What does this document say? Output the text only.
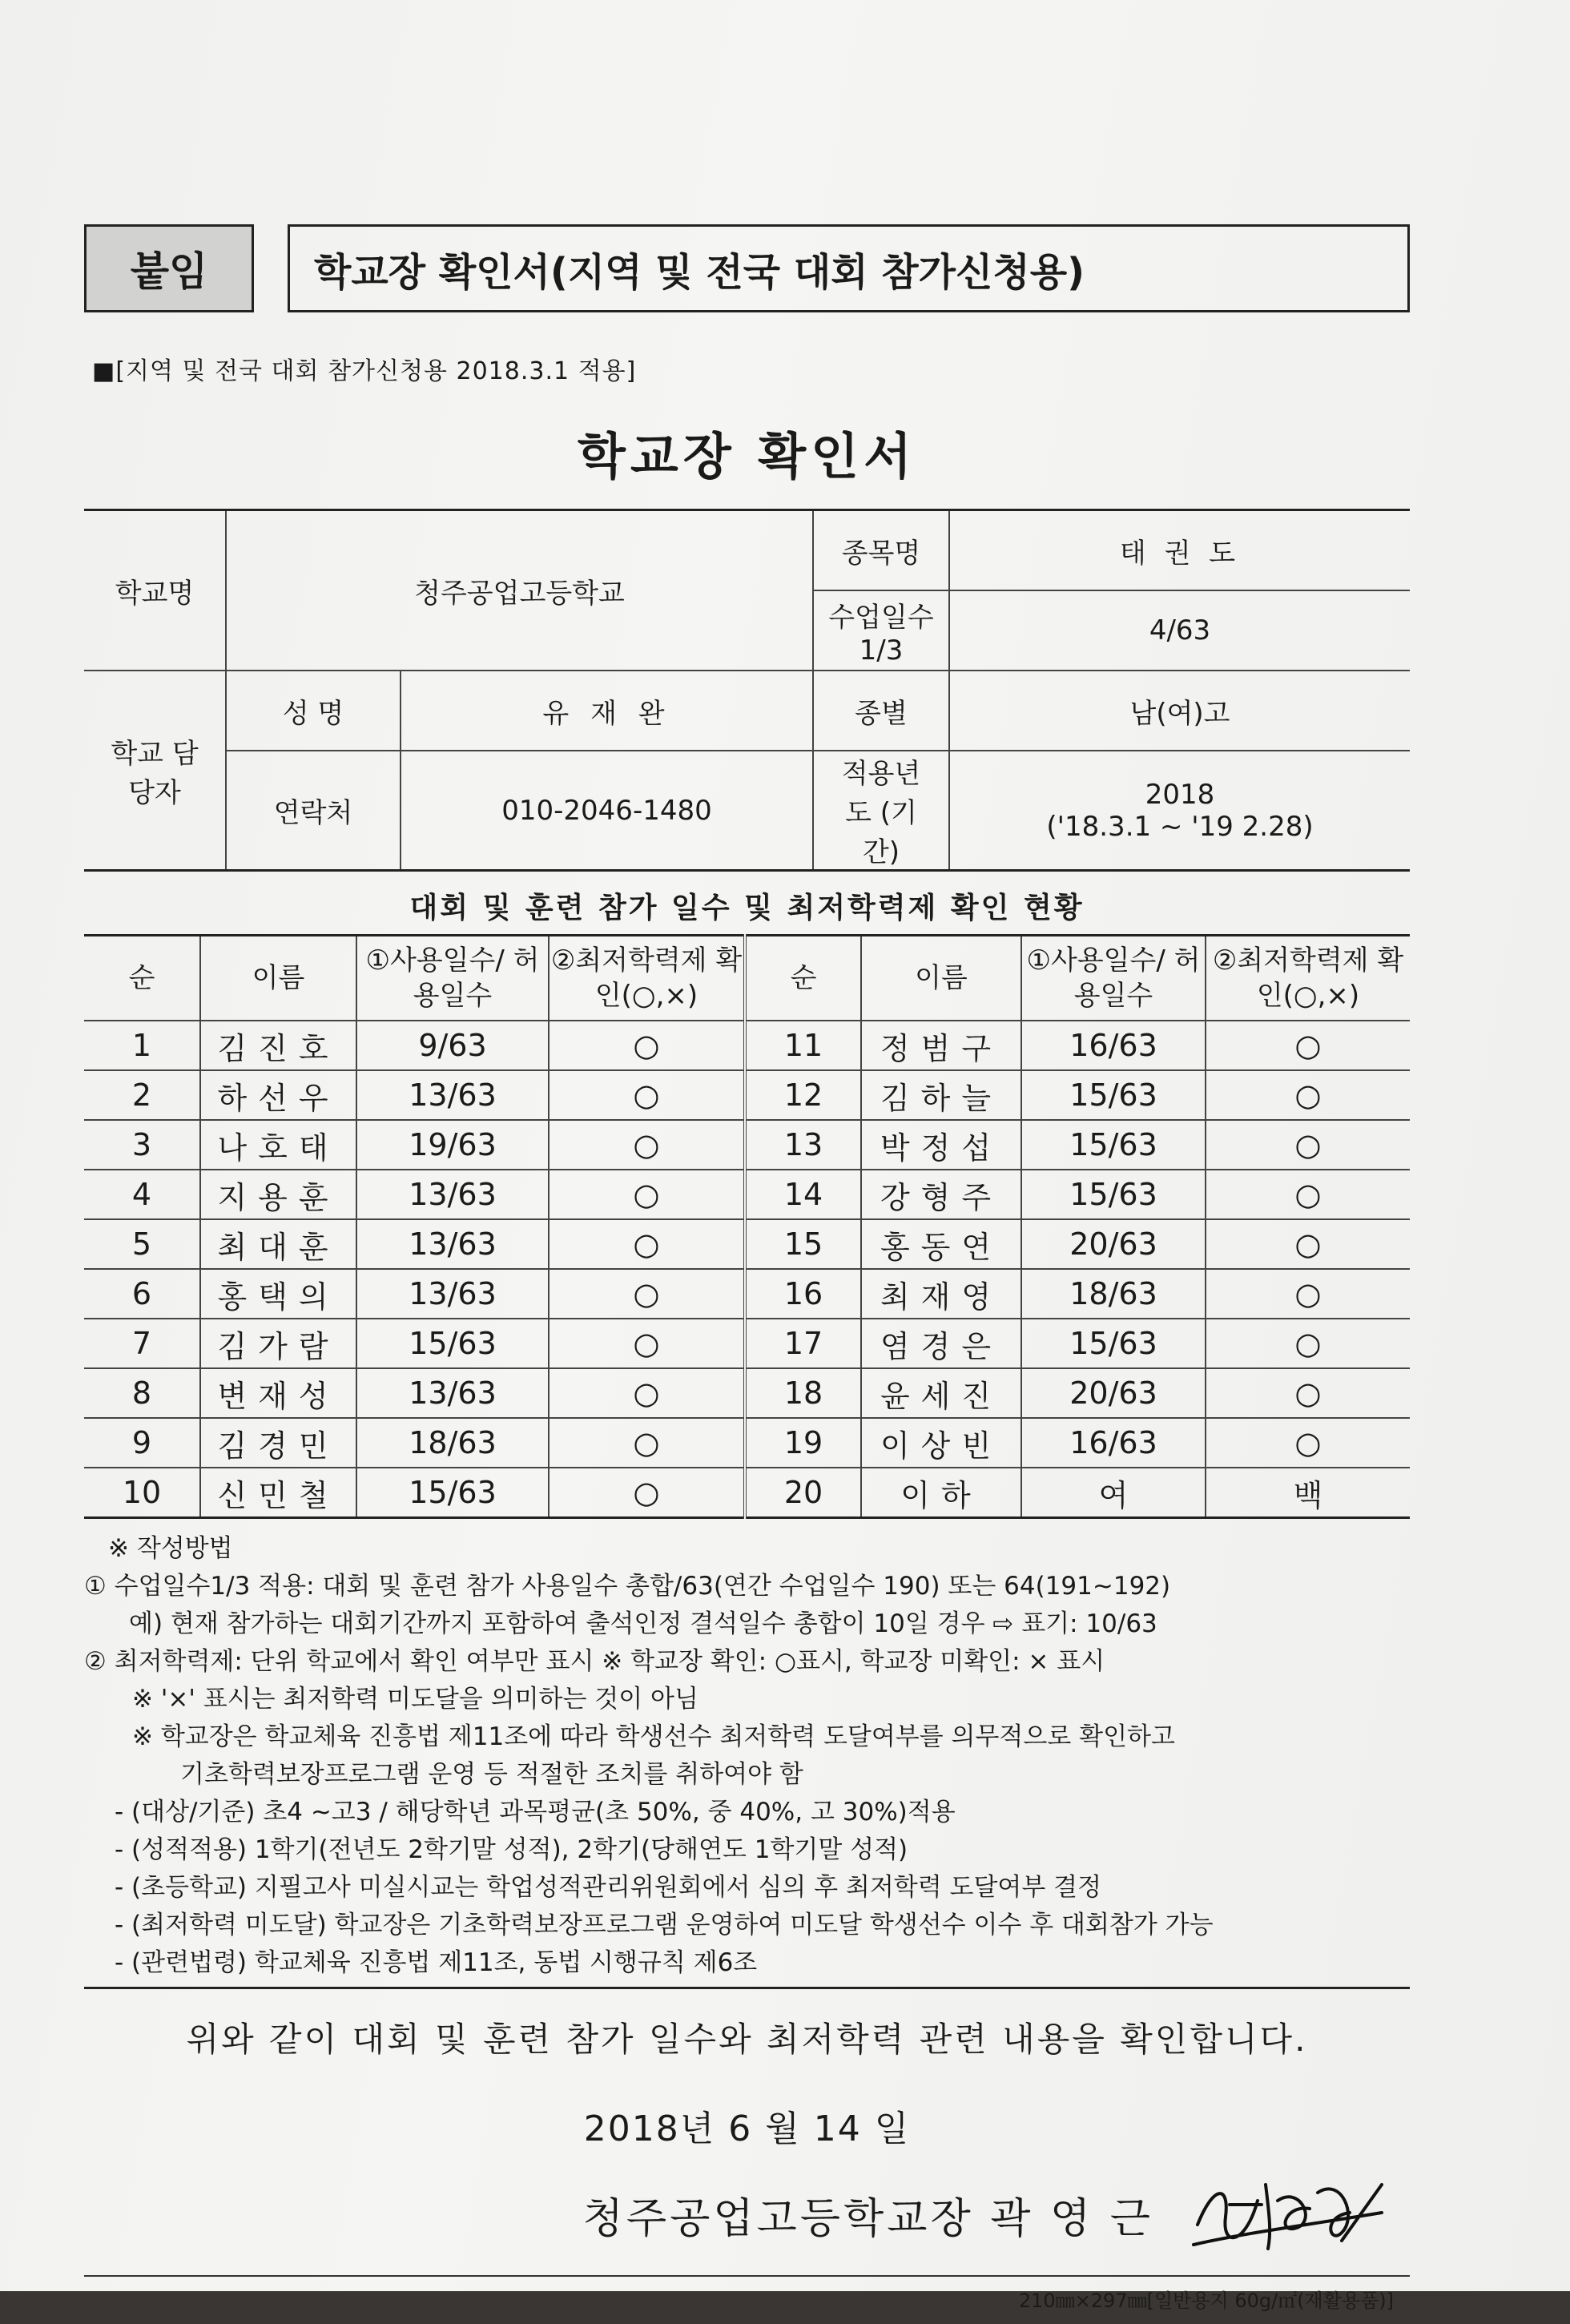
붙임	학교장 확인서(지역 및 전국 대회 참가신청용)
■[지역 및 전국 대회 참가신청용 2018.3.1 적용]
학교장 확인서
학교명	청주공업고등학교		종목명	태 권 도
			수업일수 1/3	4/63
학교 담당자	성 명	유 재 완	종별	남(여)고
	연락처	010-2046-1480	적용년도 (기간)	2018
('18.3.1 ~ '19 2.28)
대회 및 훈련 참가 일수 및 최저학력제 확인 현황
순	이름	①사용일수/ 허용일수	②최저학력제 확인(○,×)	순	이름	①사용일수/ 허용일수	②최저학력제 확인(○,×)
1	김진호	9/63	○	11	정범구	16/63	○
2	하선우	13/63	○	12	김하늘	15/63	○
3	나호태	19/63	○	13	박정섭	15/63	○
4	지용훈	13/63	○	14	강형주	15/63	○
5	최대훈	13/63	○	15	홍동연	20/63	○
6	홍택의	13/63	○	16	최재영	18/63	○
7	김가람	15/63	○	17	염경은	15/63	○
8	변재성	13/63	○	18	윤세진	20/63	○
9	김경민	18/63	○	19	이상빈	16/63	○
10	신민철	15/63	○	20	이하	여	백
※ 작성방법
① 수업일수1/3 적용: 대회 및 훈련 참가 사용일수 총합/63(연간 수업일수 190) 또는 64(191~192)
예) 현재 참가하는 대회기간까지 포함하여 출석인정 결석일수 총합이 10일 경우 ⇨ 표기: 10/63
② 최저학력제: 단위 학교에서 확인 여부만 표시 ※ 학교장 확인: ○표시, 학교장 미확인: × 표시
※ '×' 표시는 최저학력 미도달을 의미하는 것이 아님
※ 학교장은 학교체육 진흥법 제11조에 따라 학생선수 최저학력 도달여부를 의무적으로 확인하고
기초학력보장프로그램 운영 등 적절한 조치를 취하여야 함
- (대상/기준) 초4 ~고3 / 해당학년 과목평균(초 50%, 중 40%, 고 30%)적용
- (성적적용) 1학기(전년도 2학기말 성적), 2학기(당해연도 1학기말 성적)
- (초등학교) 지필고사 미실시교는 학업성적관리위원회에서 심의 후 최저학력 도달여부 결정
- (최저학력 미도달) 학교장은 기초학력보장프로그램 운영하여 미도달 학생선수 이수 후 대회참가 가능
- (관련법령) 학교체육 진흥법 제11조, 동법 시행규칙 제6조
위와 같이 대회 및 훈련 참가 일수와 최저학력 관련 내용을 확인합니다.
2018년 6 월 14 일
청주공업고등학교장 곽 영 근
210㎜×297㎜[일반용지 60g/㎡(재활용품)]
